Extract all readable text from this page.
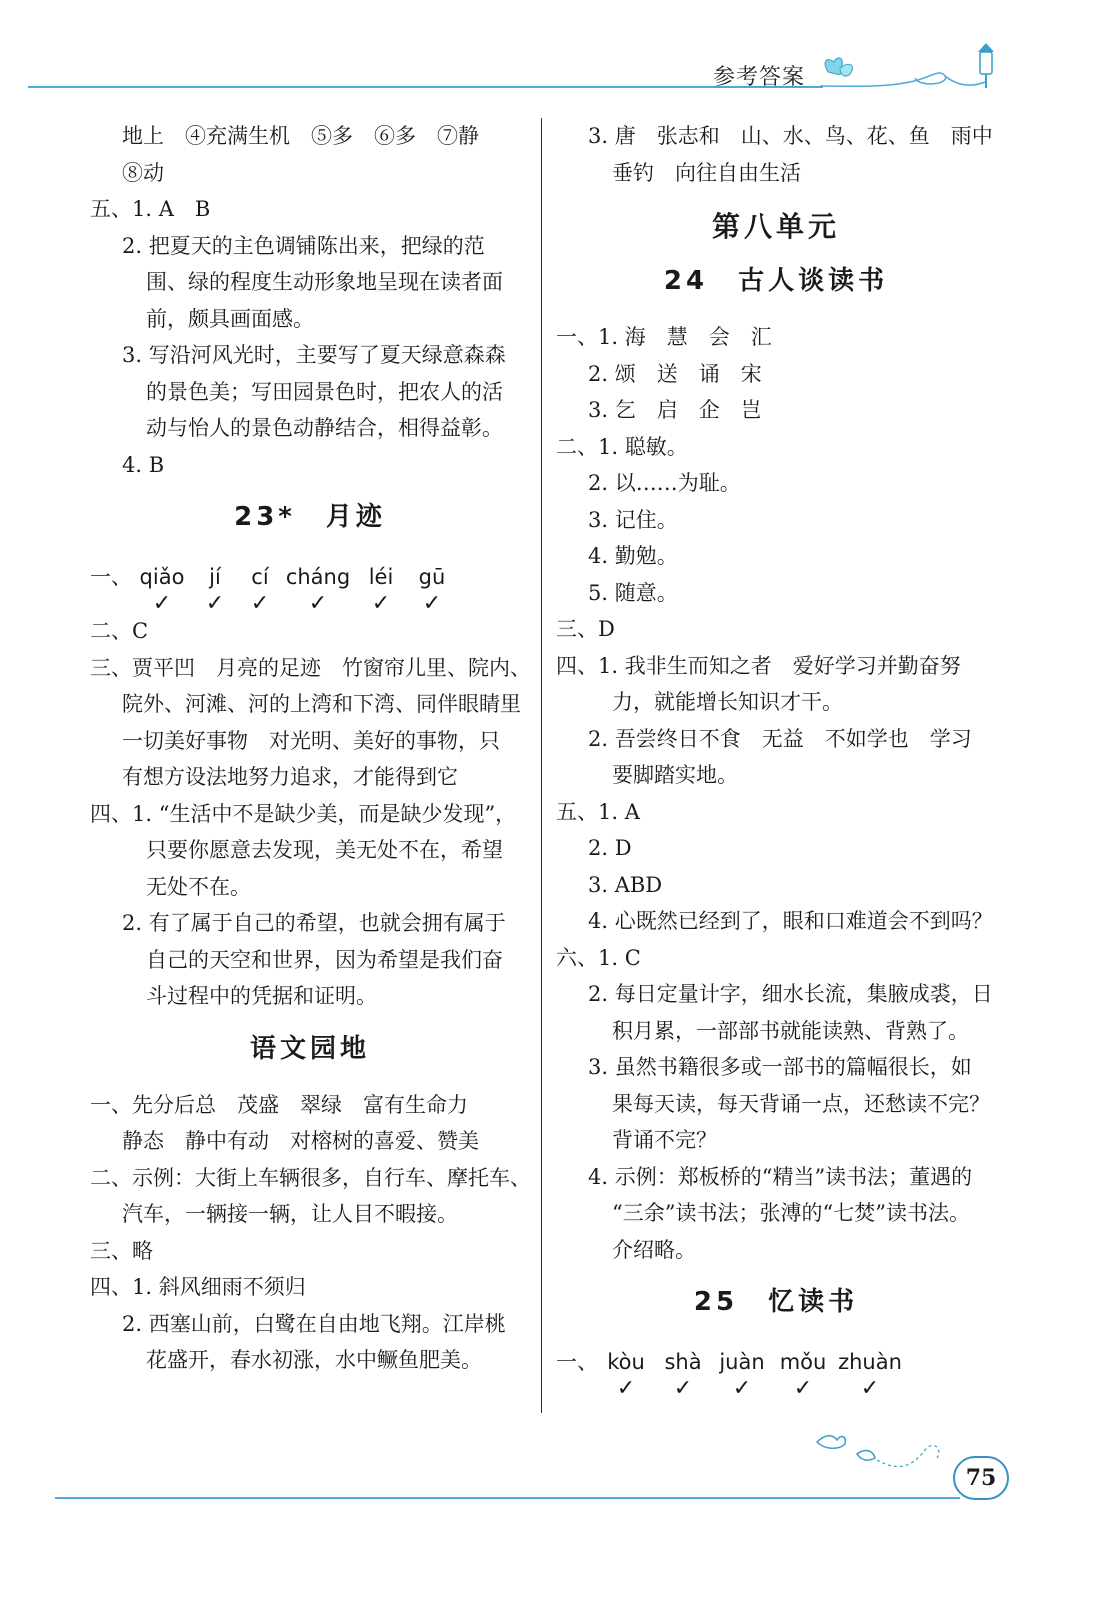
参考答案
地上　④充满生机　⑤多　⑥多　⑦静
⑧动
五、1. A　B
2. 把夏天的主色调铺陈出来，把绿的范
围、绿的程度生动形象地呈现在读者面
前，颇具画面感。
3. 写沿河风光时，主要写了夏天绿意森森
的景色美；写田园景色时，把农人的活
动与怡人的景色动静结合，相得益彰。
4. B
23*　月迹
一、 qiǎo
✓
jí
✓
cí
✓
cháng
✓
léi
✓
gū
✓
二、C
三、贾平凹　月亮的足迹　竹窗帘儿里、院内、
院外、河滩、河的上湾和下湾、同伴眼睛里
一切美好事物　对光明、美好的事物，只
有想方设法地努力追求，才能得到它
四、1. “生活中不是缺少美，而是缺少发现”，
只要你愿意去发现，美无处不在，希望
无处不在。
2. 有了属于自己的希望，也就会拥有属于
自己的天空和世界，因为希望是我们奋
斗过程中的凭据和证明。
语文园地
一、先分后总　茂盛　翠绿　富有生命力
静态　静中有动　对榕树的喜爱、赞美
二、示例：大街上车辆很多，自行车、摩托车、
汽车，一辆接一辆，让人目不暇接。
三、略
四、1. 斜风细雨不须归
2. 西塞山前，白鹭在自由地飞翔。江岸桃
花盛开，春水初涨，水中鳜鱼肥美。
3. 唐　张志和　山、水、鸟、花、鱼　雨中
垂钓　向往自由生活
第八单元
24　古人谈读书
一、1. 海　慧　会　汇
2. 颂　送　诵　宋
3. 乞　启　企　岂
二、1. 聪敏。
2. 以……为耻。
3. 记住。
4. 勤勉。
5. 随意。
三、D
四、1. 我非生而知之者　爱好学习并勤奋努
力，就能增长知识才干。
2. 吾尝终日不食　无益　不如学也　学习
要脚踏实地。
五、1. A
2. D
3. ABD
4. 心既然已经到了，眼和口难道会不到吗？
六、1. C
2. 每日定量计字，细水长流，集腋成裘，日
积月累，一部部书就能读熟、背熟了。
3. 虽然书籍很多或一部书的篇幅很长，如
果每天读，每天背诵一点，还愁读不完？
背诵不完？
4. 示例：郑板桥的“精当”读书法；董遇的
“三余”读书法；张溥的“七焚”读书法。
介绍略。
25　忆读书
一、 kòu
✓
shà
✓
juàn
✓
mǒu
✓
zhuàn
✓
75
